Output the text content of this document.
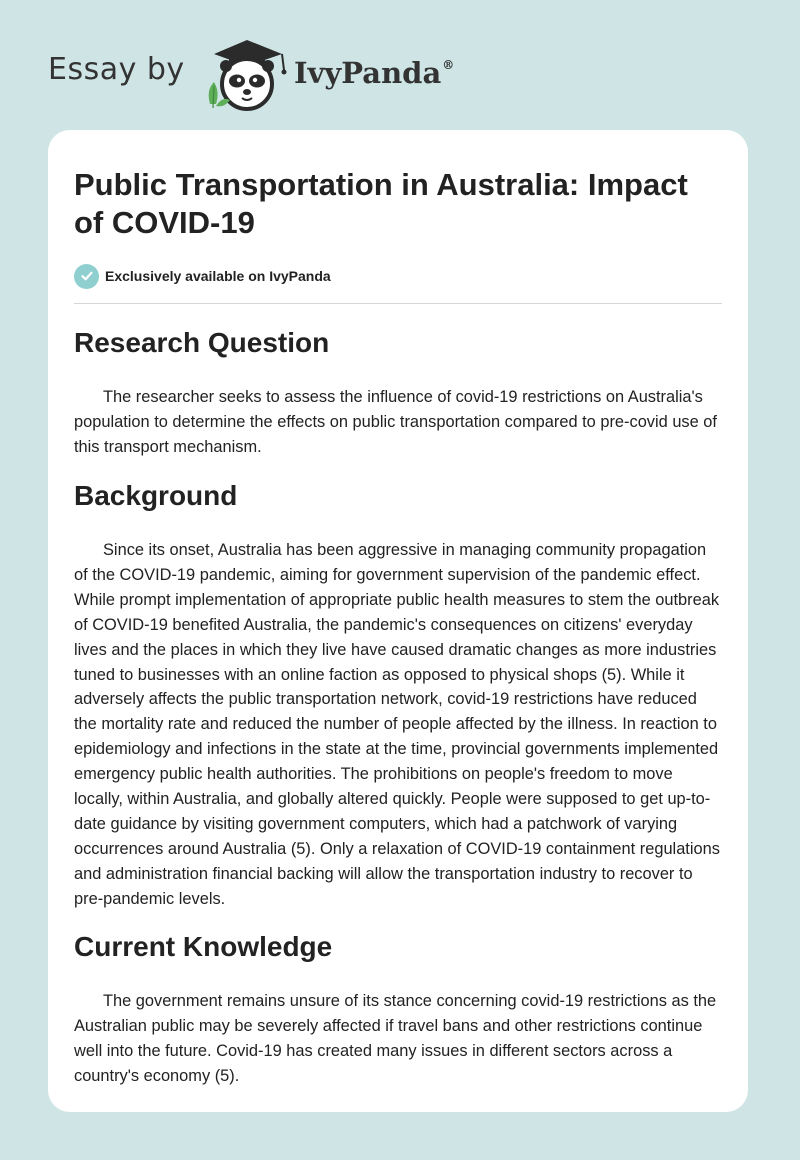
Essay by	IvyPanda®
Public Transportation in Australia: Impact of COVID-19
Exclusively available on IvyPanda
Research Question

The researcher seeks to assess the influence of covid-19 restrictions on Australia's population to determine the effects on public transportation compared to pre-covid use of this transport mechanism.

Background

Since its onset, Australia has been aggressive in managing community propagation of the COVID-19 pandemic, aiming for government supervision of the pandemic effect. While prompt implementation of appropriate public health measures to stem the outbreak of COVID-19 benefited Australia, the pandemic's consequences on citizens' everyday lives and the places in which they live have caused dramatic changes as more industries tuned to businesses with an online faction as opposed to physical shops (5). While it adversely affects the public transportation network, covid-19 restrictions have reduced the mortality rate and reduced the number of people affected by the illness. In reaction to epidemiology and infections in the state at the time, provincial governments implemented emergency public health authorities. The prohibitions on people's freedom to move locally, within Australia, and globally altered quickly. People were supposed to get up-to-date guidance by visiting government computers, which had a patchwork of varying occurrences around Australia (5). Only a relaxation of COVID-19 containment regulations and administration financial backing will allow the transportation industry to recover to pre-pandemic levels.

Current Knowledge

The government remains unsure of its stance concerning covid-19 restrictions as the Australian public may be severely affected if travel bans and other restrictions continue well into the future. Covid-19 has created many issues in different sectors across a country's economy (5).
